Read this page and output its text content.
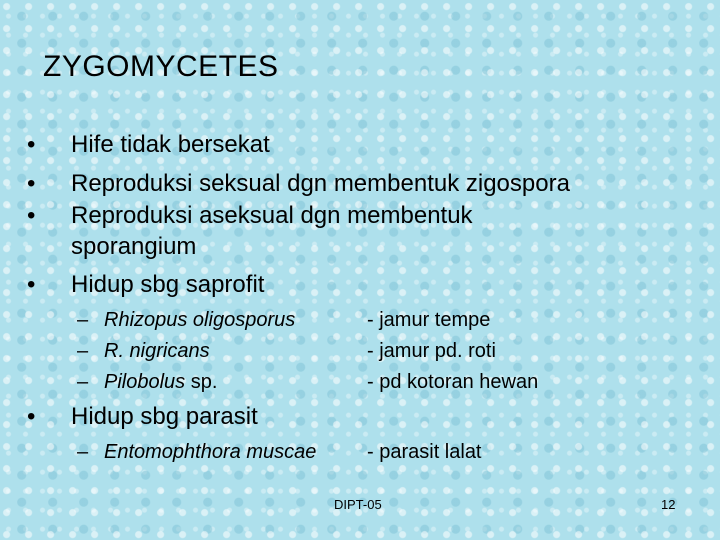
ZYGOMYCETES
• Hife tidak bersekat
• Reproduksi seksual dgn membentuk zigospora
• Reproduksi aseksual dgn membentuk
sporangium
• Hidup sbg saprofit
– Rhizopus oligosporus	- jamur tempe
– R. nigricans	- jamur pd. roti
– Pilobolus sp.	- pd kotoran hewan
• Hidup sbg parasit
– Entomophthora muscae	- parasit lalat
DIPT-05	12
